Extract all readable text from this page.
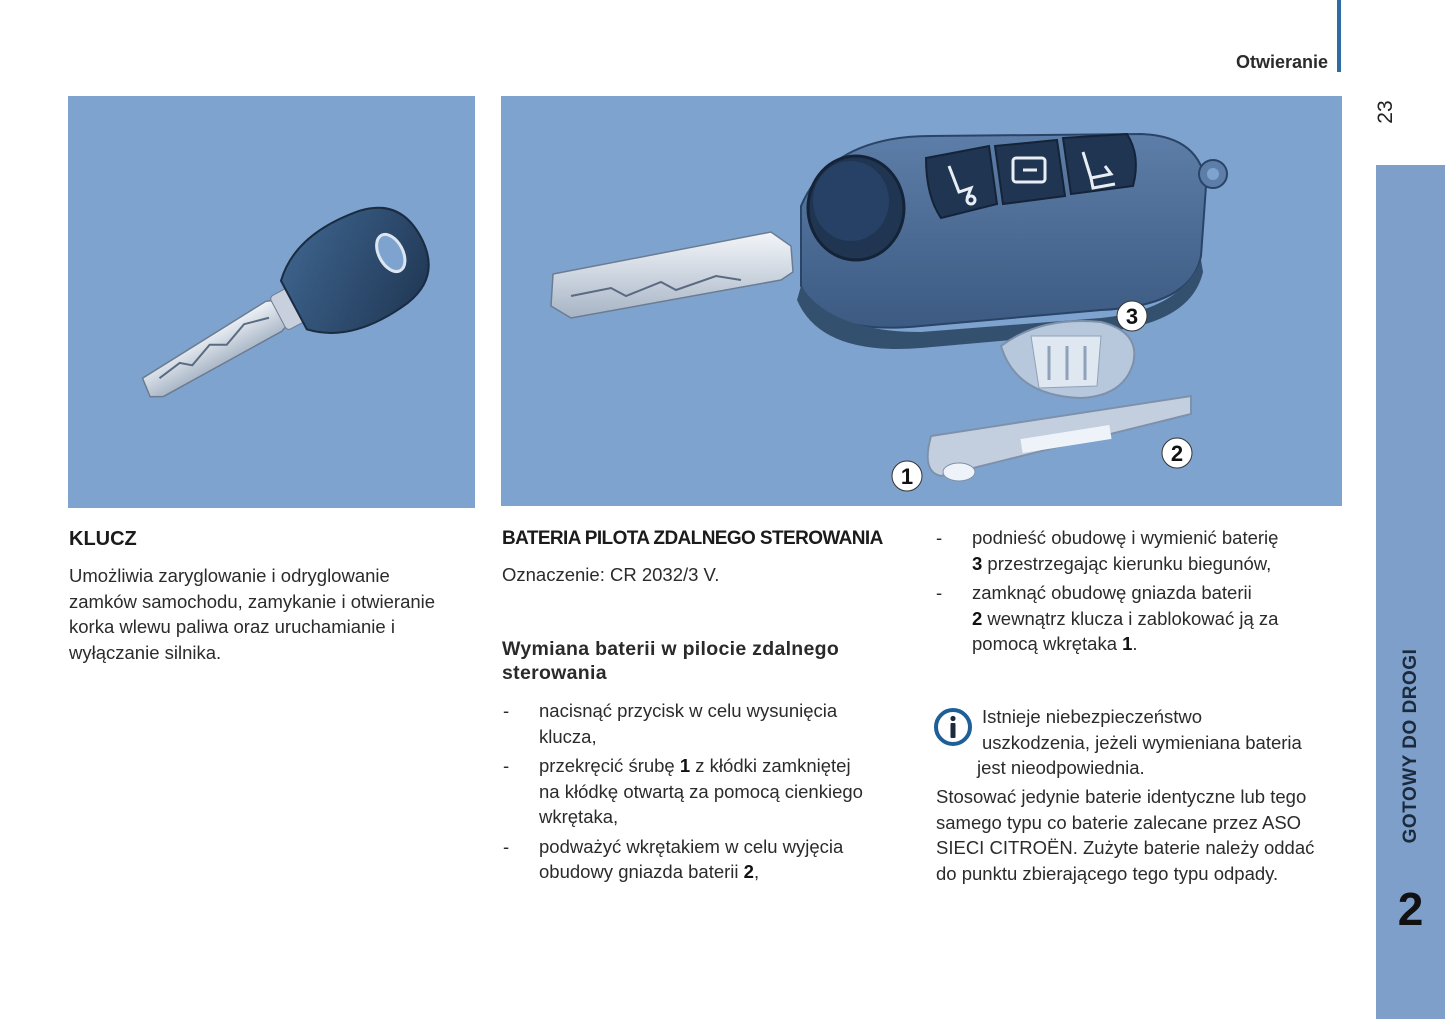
Otwieranie
23
GOTOWY DO DROGI
2
3
2
1
KLUCZ
Umożliwia zaryglowanie i odryglowanie
zamków samochodu, zamykanie i otwieranie
korka wlewu paliwa oraz uruchamianie i
wyłączanie silnika.
BATERIA PILOTA ZDALNEGO STEROWANIA
Oznaczenie: CR 2032/3 V.
Wymiana baterii w pilocie zdalnego
sterowania
- nacisnąć przycisk w celu wysunięcia
klucza,
- przekręcić śrubę 1 z kłódki zamkniętej
na kłódkę otwartą za pomocą cienkiego
wkrętaka,
- podważyć wkrętakiem w celu wyjęcia
obudowy gniazda baterii 2,
- podnieść obudowę i wymienić baterię
3 przestrzegając kierunku biegunów,
- zamknąć obudowę gniazda baterii
2 wewnątrz klucza i zablokować ją za
pomocą wkrętaka 1.
Istnieje niebezpieczeństwo
uszkodzenia, jeżeli wymieniana bateria
jest nieodpowiednia.
Stosować jedynie baterie identyczne lub tego
samego typu co baterie zalecane przez ASO
SIECI CITROËN. Zużyte baterie należy oddać
do punktu zbierającego tego typu odpady.
